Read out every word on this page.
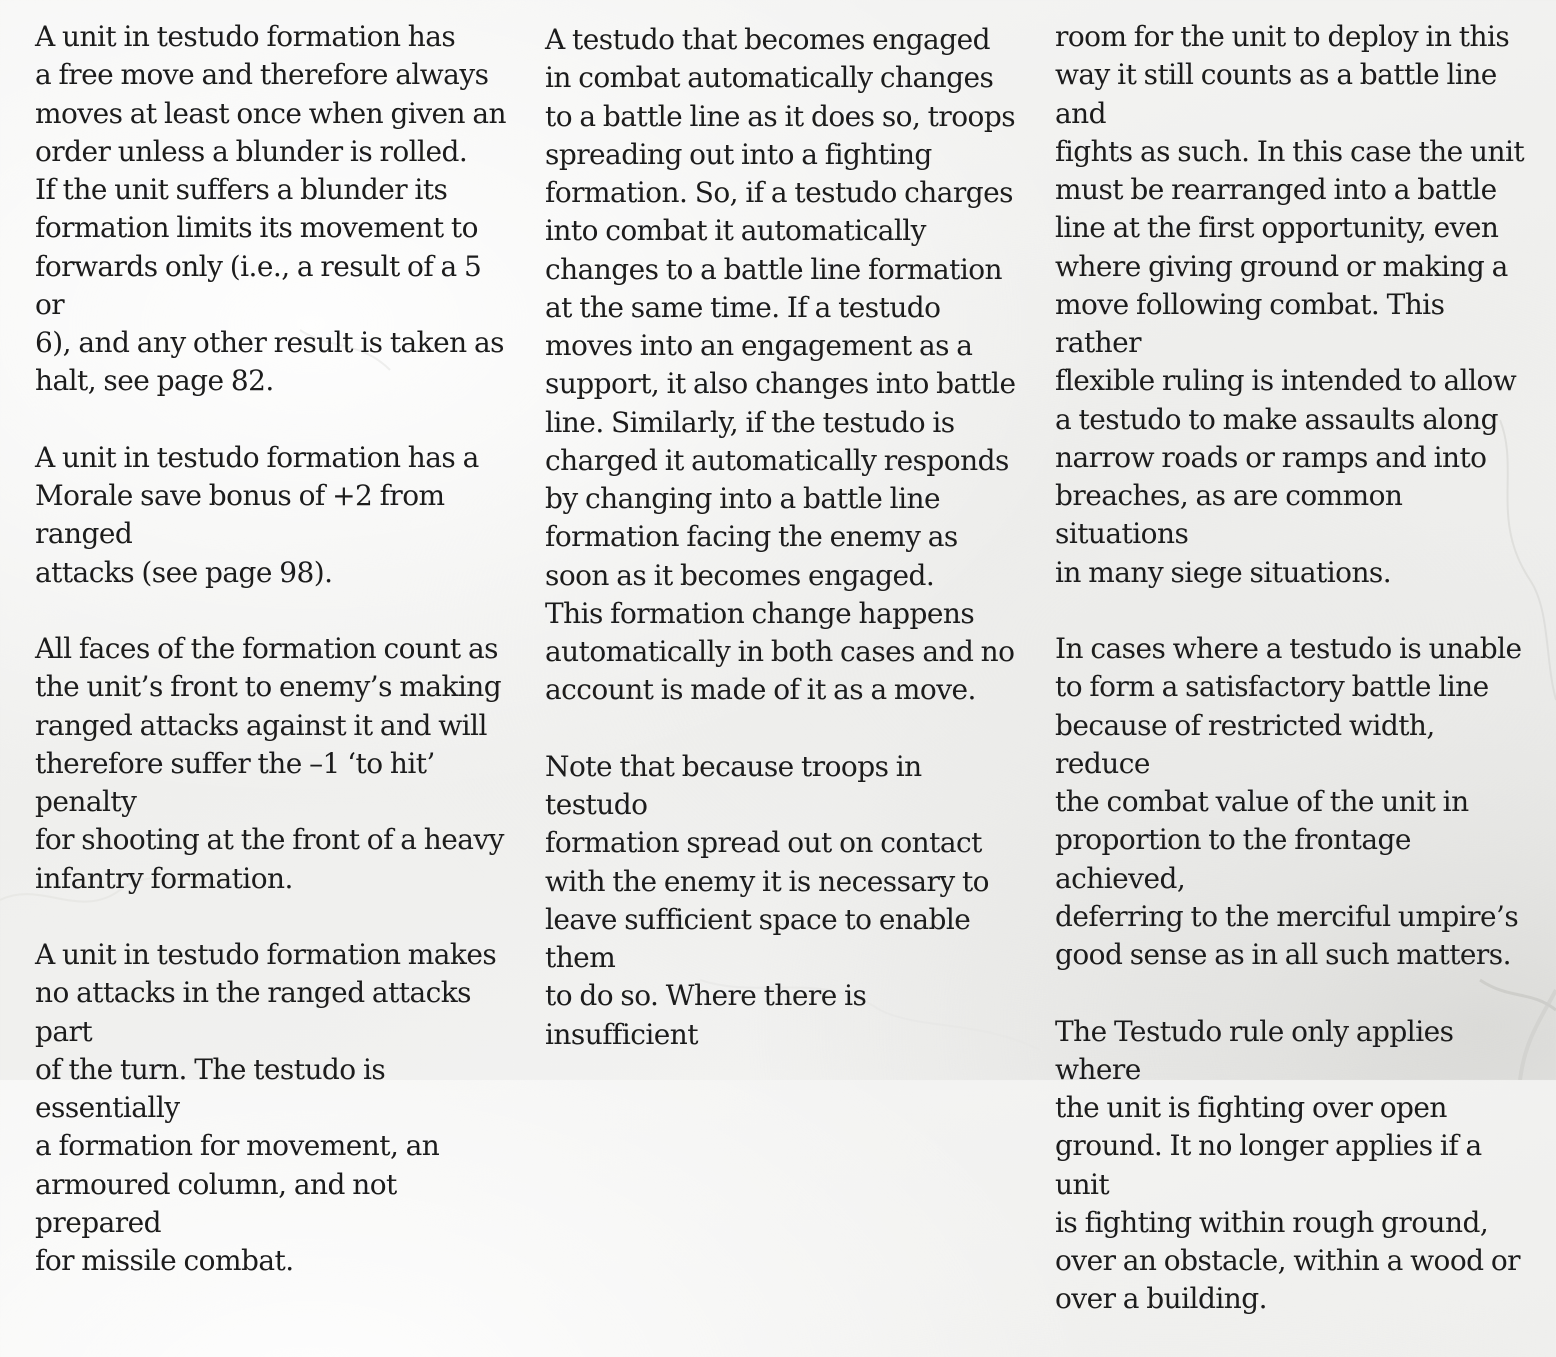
A unit in testudo formation has
a free move and therefore always
moves at least once when given an
order unless a blunder is rolled.
If the unit suffers a blunder its
formation limits its movement to
forwards only (i.e., a result of a 5 or
6), and any other result is taken as
halt, see page 82.

A unit in testudo formation has a
Morale save bonus of +2 from ranged
attacks (see page 98).

All faces of the formation count as
the unit’s front to enemy’s making
ranged attacks against it and will
therefore suffer the –1 ‘to hit’ penalty
for shooting at the front of a heavy
infantry formation.

A unit in testudo formation makes
no attacks in the ranged attacks part
of the turn. The testudo is essentially
a formation for movement, an
armoured column, and not prepared
for missile combat.

A testudo that becomes engaged
in combat automatically changes
to a battle line as it does so, troops
spreading out into a fighting
formation. So, if a testudo charges
into combat it automatically
changes to a battle line formation
at the same time. If a testudo
moves into an engagement as a
support, it also changes into battle
line. Similarly, if the testudo is
charged it automatically responds
by changing into a battle line
formation facing the enemy as
soon as it becomes engaged.
This formation change happens
automatically in both cases and no
account is made of it as a move.

Note that because troops in testudo
formation spread out on contact
with the enemy it is necessary to
leave sufficient space to enable them
to do so. Where there is insufficient

room for the unit to deploy in this
way it still counts as a battle line and
fights as such. In this case the unit
must be rearranged into a battle
line at the first opportunity, even
where giving ground or making a
move following combat. This rather
flexible ruling is intended to allow
a testudo to make assaults along
narrow roads or ramps and into
breaches, as are common situations
in many siege situations.

In cases where a testudo is unable
to form a satisfactory battle line
because of restricted width, reduce
the combat value of the unit in
proportion to the frontage achieved,
deferring to the merciful umpire’s
good sense as in all such matters.

The Testudo rule only applies where
the unit is fighting over open
ground. It no longer applies if a unit
is fighting within rough ground,
over an obstacle, within a wood or
over a building.
